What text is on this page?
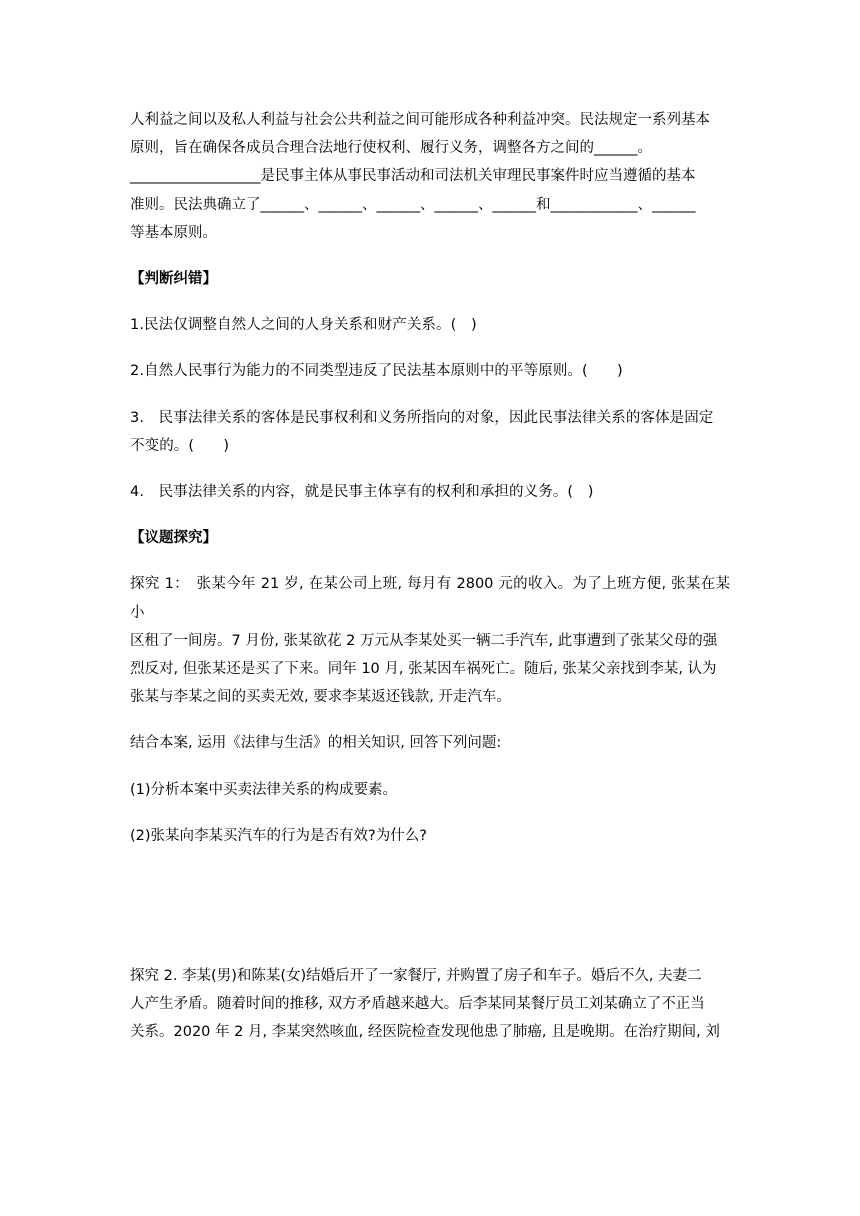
人利益之间以及私人利益与社会公共利益之间可能形成各种利益冲突。民法规定一系列基本

原则，旨在确保各成员合理合法地行使权利、履行义务，调整各方之间的______。

__________________是民事主体从事民事活动和司法机关审理民事案件时应当遵循的基本

准则。民法典确立了______、______、______、______、______和____________、______

等基本原则。

【判断纠错】

1.民法仅调整自然人之间的人身关系和财产关系。(　)

2.自然人民事行为能力的不同类型违反了民法基本原则中的平等原则。(　　)

3.　民事法律关系的客体是民事权利和义务所指向的对象，因此民事法律关系的客体是固定

不变的。(　　)

4.　民事法律关系的内容，就是民事主体享有的权利和承担的义务。(　)

【议题探究】

探究 1：　张某今年 21 岁, 在某公司上班, 每月有 2800 元的收入。为了上班方便, 张某在某小

区租了一间房。7 月份, 张某欲花 2 万元从李某处买一辆二手汽车, 此事遭到了张某父母的强

烈反对, 但张某还是买了下来。同年 10 月, 张某因车祸死亡。随后, 张某父亲找到李某, 认为

张某与李某之间的买卖无效, 要求李某返还钱款, 开走汽车。

结合本案, 运用《法律与生活》的相关知识, 回答下列问题:

(1)分析本案中买卖法律关系的构成要素。

(2)张某向李某买汽车的行为是否有效?为什么?

探究 2. 李某(男)和陈某(女)结婚后开了一家餐厅, 并购置了房子和车子。婚后不久, 夫妻二

人产生矛盾。随着时间的推移, 双方矛盾越来越大。后李某同某餐厅员工刘某确立了不正当

关系。2020 年 2 月, 李某突然咳血, 经医院检查发现他患了肺癌, 且是晚期。在治疗期间, 刘
